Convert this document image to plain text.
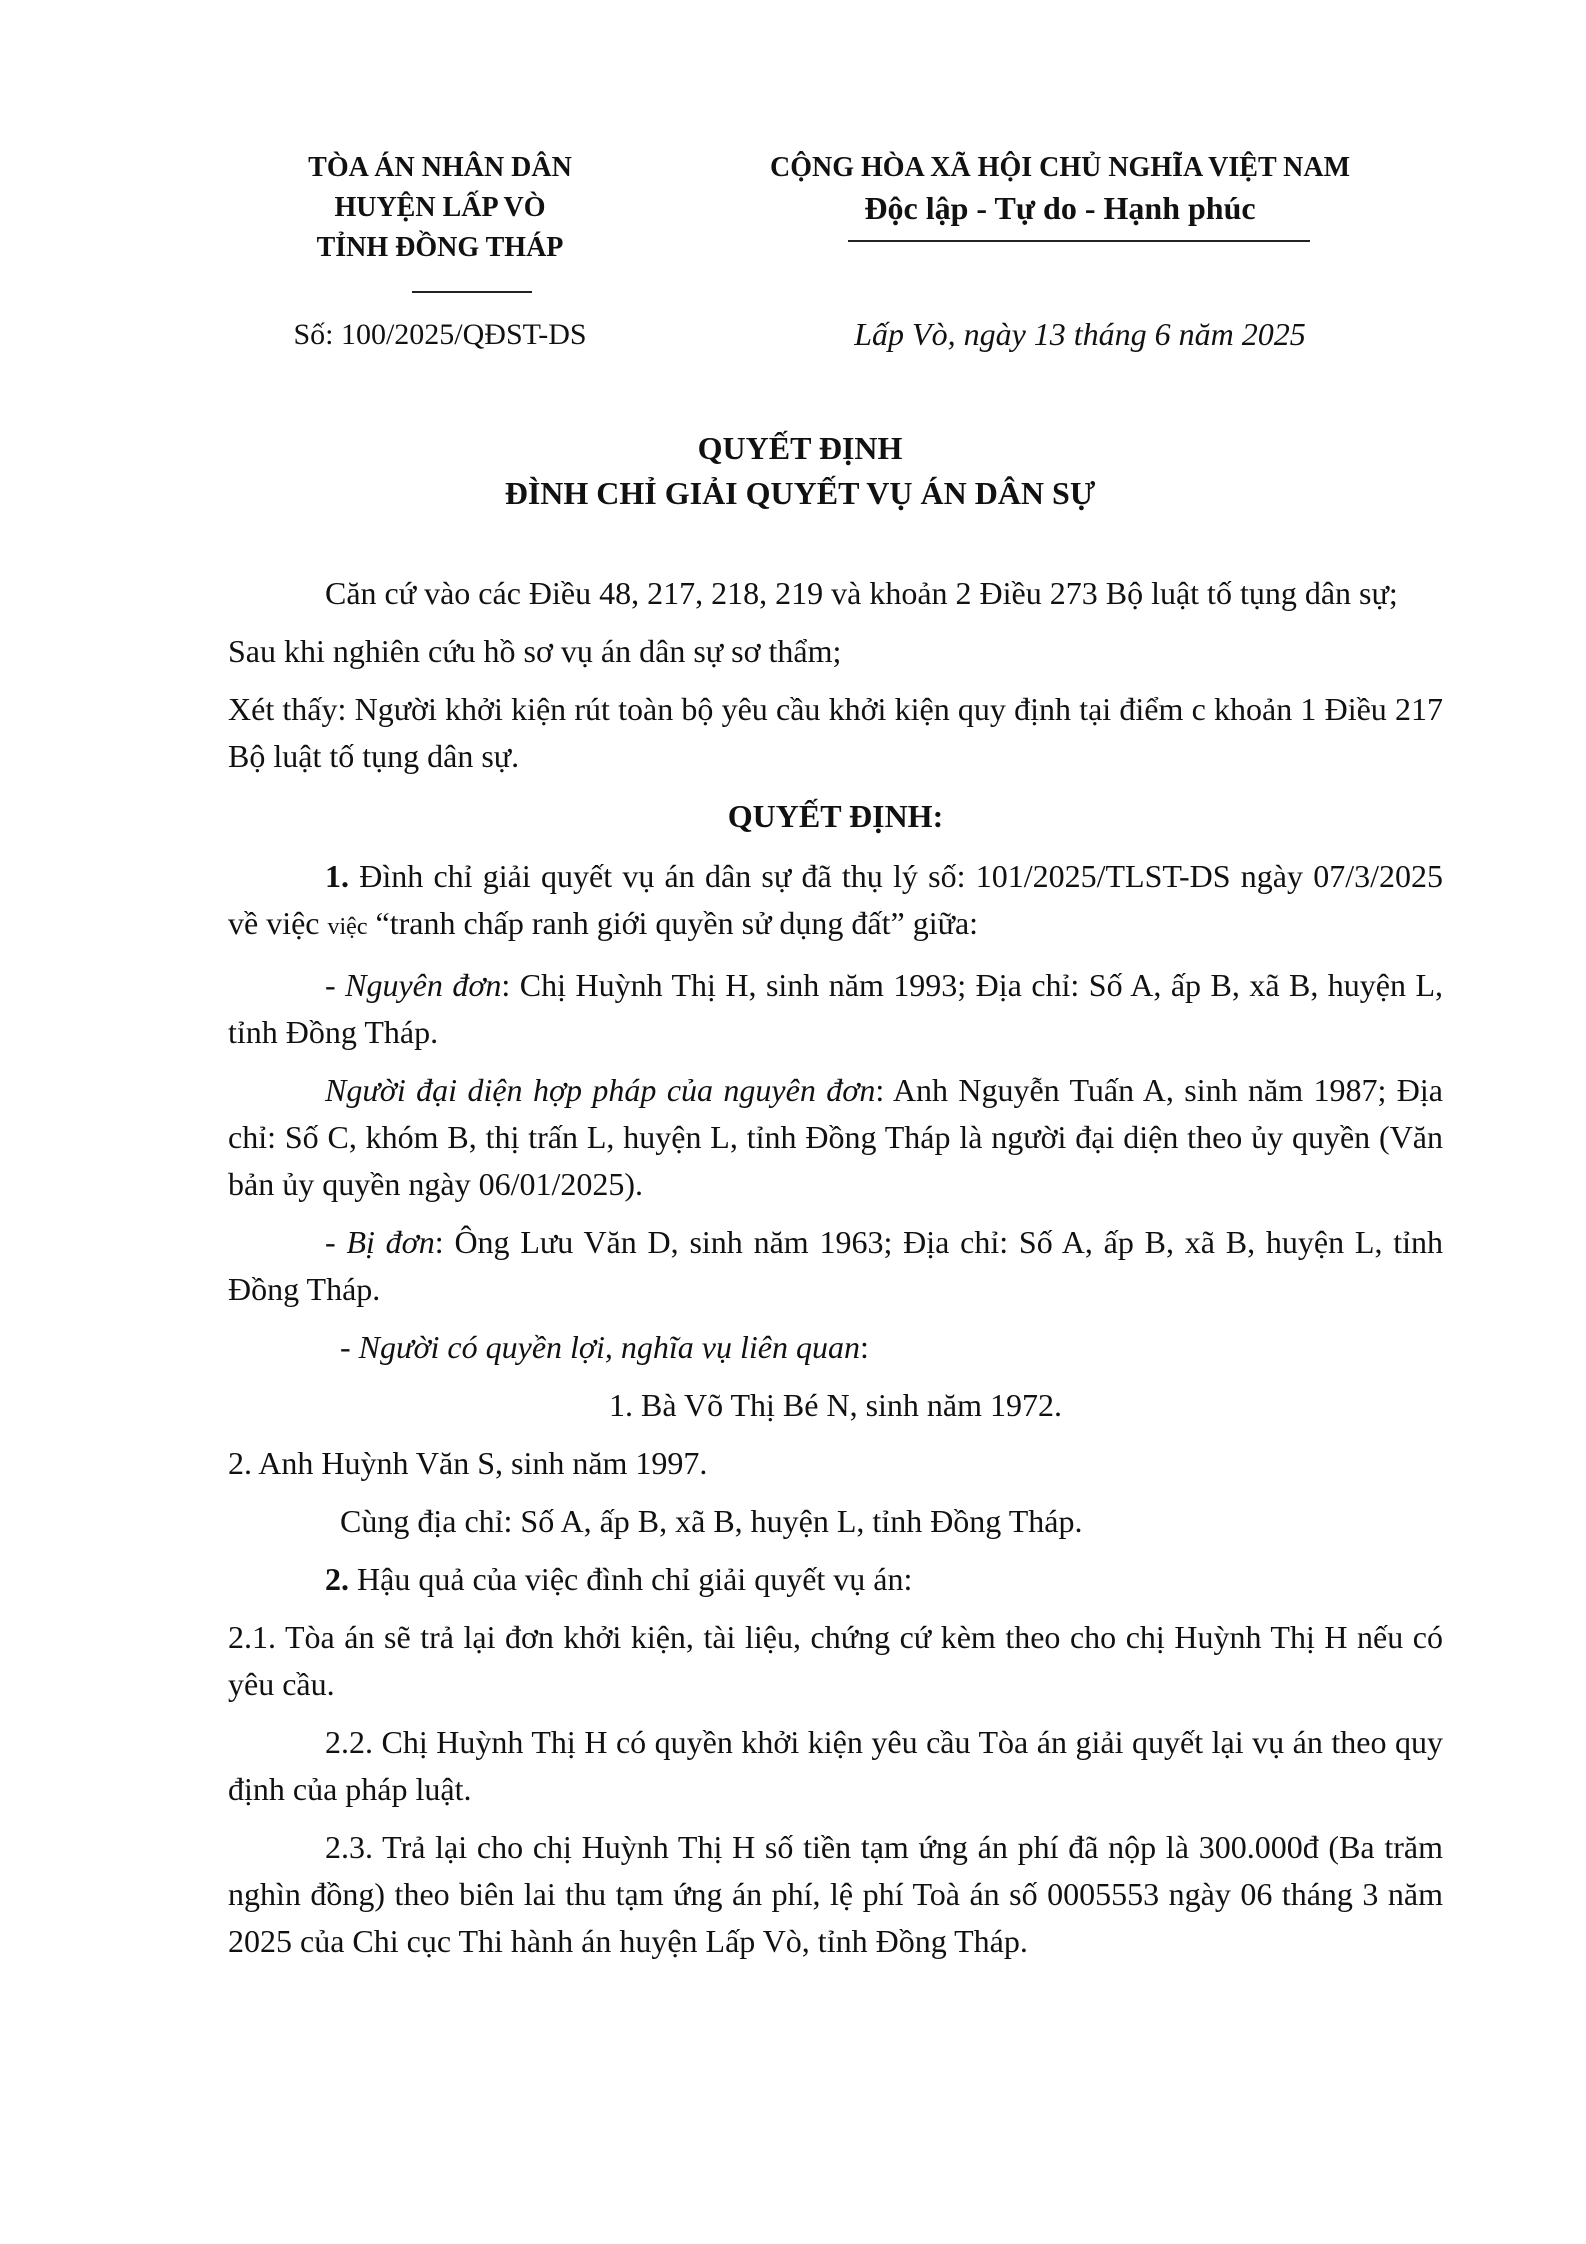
TÒA ÁN NHÂN DÂN
HUYỆN LẤP VÒ
TỈNH ĐỒNG THÁP
CỘNG HÒA XÃ HỘI CHỦ NGHĨA VIỆT NAM
Độc lập - Tự do - Hạnh phúc
Số: 100/2025/QĐST-DS	Lấp Vò, ngày 13 tháng 6 năm 2025
QUYẾT ĐỊNH
ĐÌNH CHỈ GIẢI QUYẾT VỤ ÁN DÂN SỰ
Căn cứ vào các Điều 48, 217, 218, 219 và khoản 2 Điều 273 Bộ luật tố tụng dân sự;
Sau khi nghiên cứu hồ sơ vụ án dân sự sơ thẩm;
Xét thấy: Người khởi kiện rút toàn bộ yêu cầu khởi kiện quy định tại điểm c khoản 1 Điều 217 Bộ luật tố tụng dân sự.
QUYẾT ĐỊNH:
1. Đình chỉ giải quyết vụ án dân sự đã thụ lý số: 101/2025/TLST-DS ngày 07/3/2025 về việc việc “tranh chấp ranh giới quyền sử dụng đất” giữa:
- Nguyên đơn: Chị Huỳnh Thị H, sinh năm 1993; Địa chỉ: Số A, ấp B, xã B, huyện L, tỉnh Đồng Tháp.
Người đại diện hợp pháp của nguyên đơn: Anh Nguyễn Tuấn A, sinh năm 1987; Địa chỉ: Số C, khóm B, thị trấn L, huyện L, tỉnh Đồng Tháp là người đại diện theo ủy quyền (Văn bản ủy quyền ngày 06/01/2025).
- Bị đơn: Ông Lưu Văn D, sinh năm 1963; Địa chỉ: Số A, ấp B, xã B, huyện L, tỉnh Đồng Tháp.
- Người có quyền lợi, nghĩa vụ liên quan:
1. Bà Võ Thị Bé N, sinh năm 1972.
2. Anh Huỳnh Văn S, sinh năm 1997.
Cùng địa chỉ: Số A, ấp B, xã B, huyện L, tỉnh Đồng Tháp.
2. Hậu quả của việc đình chỉ giải quyết vụ án:
2.1. Tòa án sẽ trả lại đơn khởi kiện, tài liệu, chứng cứ kèm theo cho chị Huỳnh Thị H nếu có yêu cầu.
2.2. Chị Huỳnh Thị H có quyền khởi kiện yêu cầu Tòa án giải quyết lại vụ án theo quy định của pháp luật.
2.3. Trả lại cho chị Huỳnh Thị H số tiền tạm ứng án phí đã nộp là 300.000đ (Ba trăm nghìn đồng) theo biên lai thu tạm ứng án phí, lệ phí Toà án số 0005553 ngày 06 tháng 3 năm 2025 của Chi cục Thi hành án huyện Lấp Vò, tỉnh Đồng Tháp.
